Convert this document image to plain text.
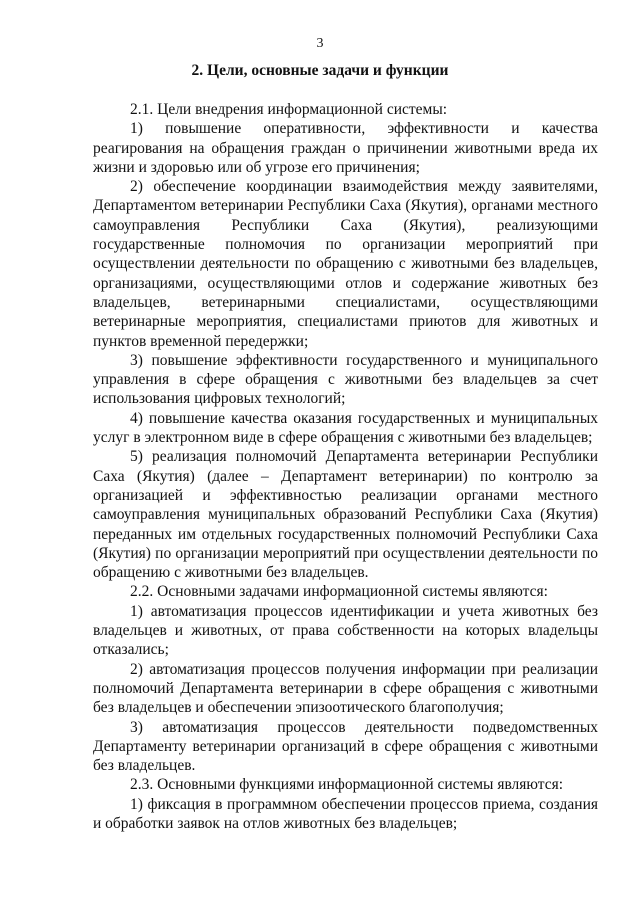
3
2. Цели, основные задачи и функции

2.1. Цели внедрения информационной системы:

1) повышение оперативности, эффективности и качества реагирования на обращения граждан о причинении животными вреда их жизни и здоровью или об угрозе его причинения;

2) обеспечение координации взаимодействия между заявителями, Департаментом ветеринарии Республики Саха (Якутия), органами местного самоуправления Республики Саха (Якутия), реализующими государственные полномочия по организации мероприятий при осуществлении деятельности по обращению с животными без владельцев, организациями, осуществляющими отлов и содержание животных без владельцев, ветеринарными специалистами, осуществляющими ветеринарные мероприятия, специалистами приютов для животных и пунктов временной передержки;

3) повышение эффективности государственного и муниципального управления в сфере обращения с животными без владельцев за счет использования цифровых технологий;

4) повышение качества оказания государственных и муниципальных услуг в электронном виде в сфере обращения с животными без владельцев;

5) реализация полномочий Департамента ветеринарии Республики Саха (Якутия) (далее – Департамент ветеринарии) по контролю за организацией и эффективностью реализации органами местного самоуправления муниципальных образований Республики Саха (Якутия) переданных им отдельных государственных полномочий Республики Саха (Якутия) по организации мероприятий при осуществлении деятельности по обращению с животными без владельцев.

2.2. Основными задачами информационной системы являются:

1) автоматизация процессов идентификации и учета животных без владельцев и животных, от права собственности на которых владельцы отказались;

2) автоматизация процессов получения информации при реализации полномочий Департамента ветеринарии в сфере обращения с животными без владельцев и обеспечении эпизоотического благополучия;

3) автоматизация процессов деятельности подведомственных Департаменту ветеринарии организаций в сфере обращения с животными без владельцев.

2.3. Основными функциями информационной системы являются:

1) фиксация в программном обеспечении процессов приема, создания и обработки заявок на отлов животных без владельцев;
